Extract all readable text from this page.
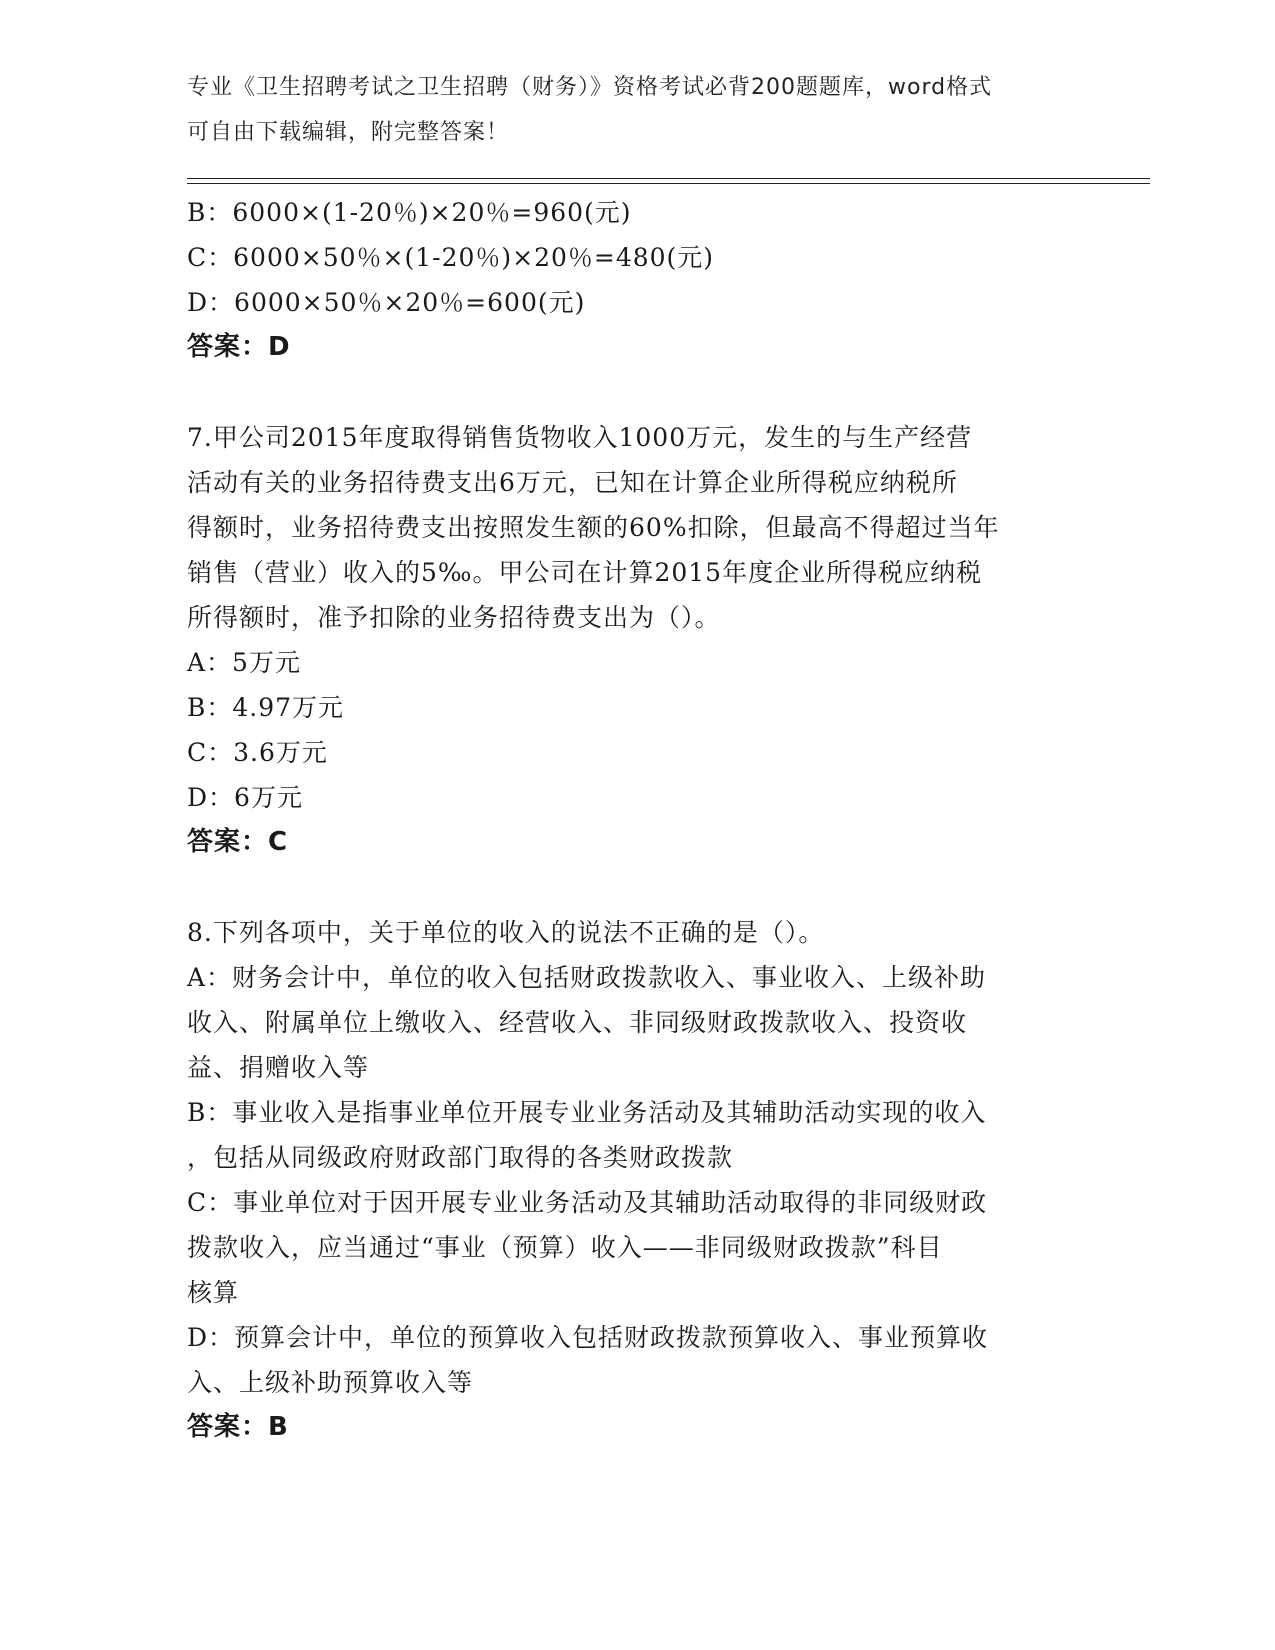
专业《卫生招聘考试之卫生招聘（财务）》资格考试必背200题题库，word格式
可自由下载编辑，附完整答案！
B：6000×(1-20％)×20％=960(元)
C：6000×50％×(1-20％)×20％=480(元)
D：6000×50％×20％=600(元)
答案：D
7.甲公司2015年度取得销售货物收入1000万元，发生的与生产经营
活动有关的业务招待费支出6万元，已知在计算企业所得税应纳税所
得额时，业务招待费支出按照发生额的60%扣除，但最高不得超过当年
销售（营业）收入的5‰。甲公司在计算2015年度企业所得税应纳税
所得额时，准予扣除的业务招待费支出为（）。
A：5万元
B：4.97万元
C：3.6万元
D：6万元
答案：C
8.下列各项中，关于单位的收入的说法不正确的是（）。
A：财务会计中，单位的收入包括财政拨款收入、事业收入、上级补助
收入、附属单位上缴收入、经营收入、非同级财政拨款收入、投资收
益、捐赠收入等
B：事业收入是指事业单位开展专业业务活动及其辅助活动实现的收入
，包括从同级政府财政部门取得的各类财政拨款
C：事业单位对于因开展专业业务活动及其辅助活动取得的非同级财政
拨款收入，应当通过“事业（预算）收入——非同级财政拨款”科目
核算
D：预算会计中，单位的预算收入包括财政拨款预算收入、事业预算收
入、上级补助预算收入等
答案：B
